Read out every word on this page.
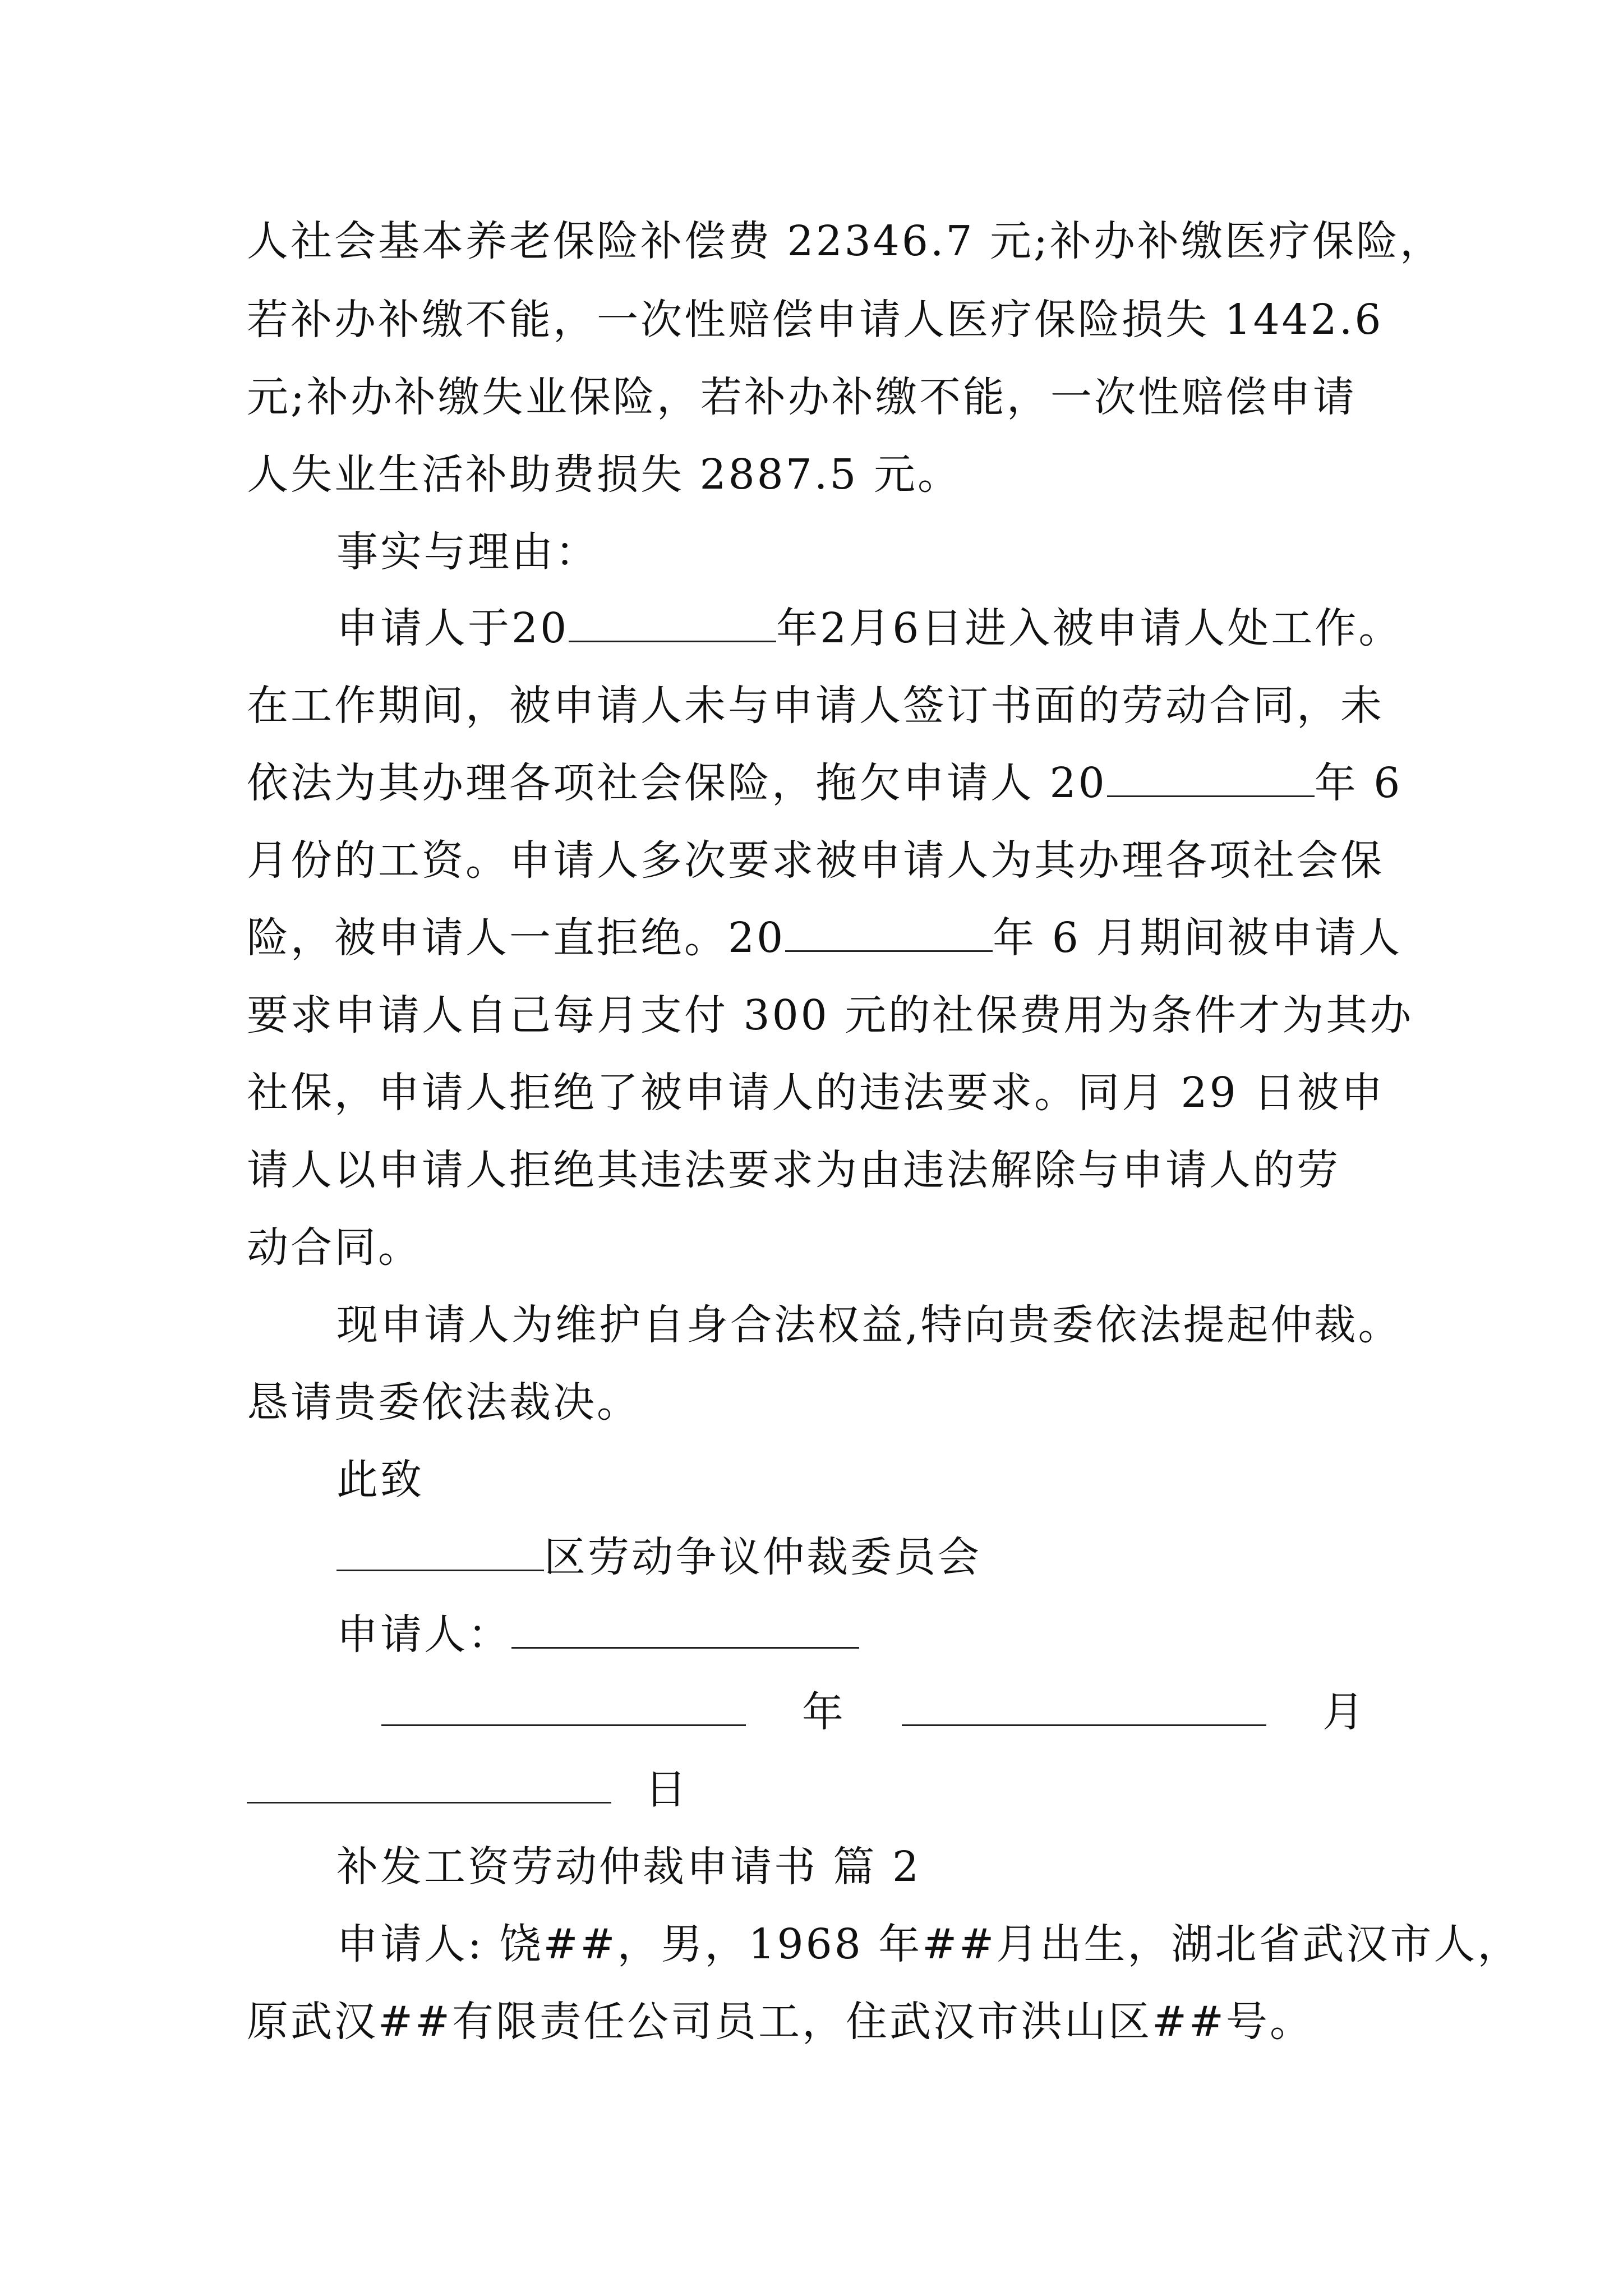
人社会基本养老保险补偿费 22346.7 元;补办补缴医疗保险，
若补办补缴不能，一次性赔偿申请人医疗保险损失 1442.6
元;补办补缴失业保险，若补办补缴不能，一次性赔偿申请
人失业生活补助费损失 2887.5 元。
事实与理由：
申请人于20	年2月6日进入被申请人处工作。
在工作期间，被申请人未与申请人签订书面的劳动合同，未
依法为其办理各项社会保险，拖欠申请人 20	年 6
月份的工资。申请人多次要求被申请人为其办理各项社会保
险，被申请人一直拒绝。20	年 6 月期间被申请人
要求申请人自己每月支付 300 元的社保费用为条件才为其办
社保，申请人拒绝了被申请人的违法要求。同月 29 日被申
请人以申请人拒绝其违法要求为由违法解除与申请人的劳
动合同。
现申请人为维护自身合法权益,特向贵委依法提起仲裁。
恳请贵委依法裁决。
此致
区劳动争议仲裁委员会
申请人：
年	月
日
补发工资劳动仲裁申请书 篇 2
申请人: 饶##，男，1968 年##月出生，湖北省武汉市人，
原武汉##有限责任公司员工，住武汉市洪山区##号。
